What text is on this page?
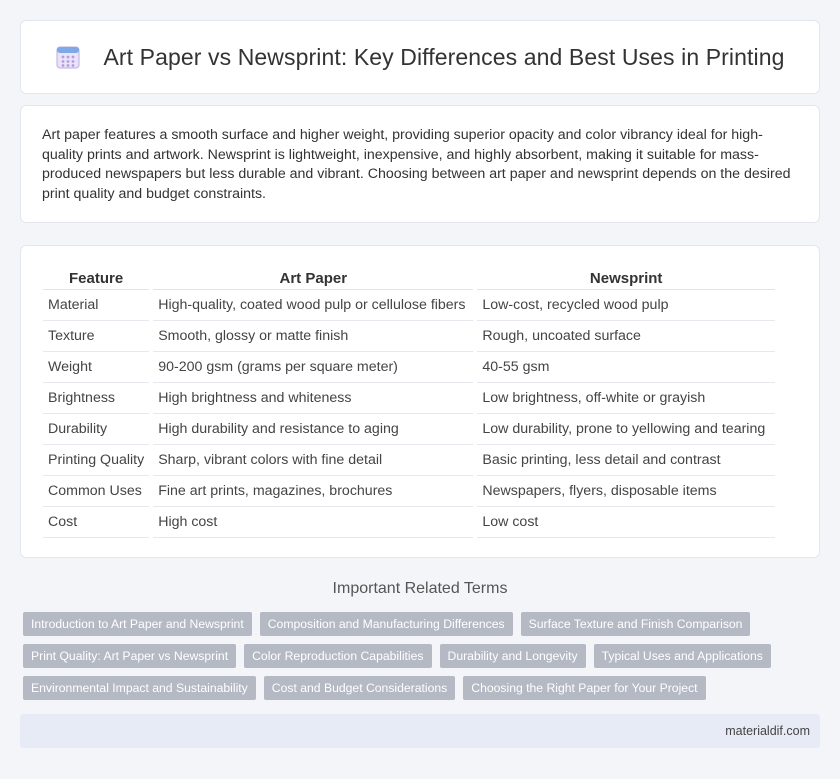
Art Paper vs Newsprint: Key Differences and Best Uses in Printing

Art paper features a smooth surface and higher weight, providing superior opacity and color vibrancy ideal for high-quality prints and artwork. Newsprint is lightweight, inexpensive, and highly absorbent, making it suitable for mass-produced newspapers but less durable and vibrant. Choosing between art paper and newsprint depends on the desired print quality and budget constraints.

Feature	Art Paper	Newsprint
Material	High-quality, coated wood pulp or cellulose fibers	Low-cost, recycled wood pulp
Texture	Smooth, glossy or matte finish	Rough, uncoated surface
Weight	90-200 gsm (grams per square meter)	40-55 gsm
Brightness	High brightness and whiteness	Low brightness, off-white or grayish
Durability	High durability and resistance to aging	Low durability, prone to yellowing and tearing
Printing Quality	Sharp, vibrant colors with fine detail	Basic printing, less detail and contrast
Common Uses	Fine art prints, magazines, brochures	Newspapers, flyers, disposable items
Cost	High cost	Low cost
Important Related Terms
Introduction to Art Paper and Newsprint	Composition and Manufacturing Differences	Surface Texture and Finish Comparison
Print Quality: Art Paper vs Newsprint	Color Reproduction Capabilities	Durability and Longevity	Typical Uses and Applications
Environmental Impact and Sustainability	Cost and Budget Considerations	Choosing the Right Paper for Your Project
materialdif.com
